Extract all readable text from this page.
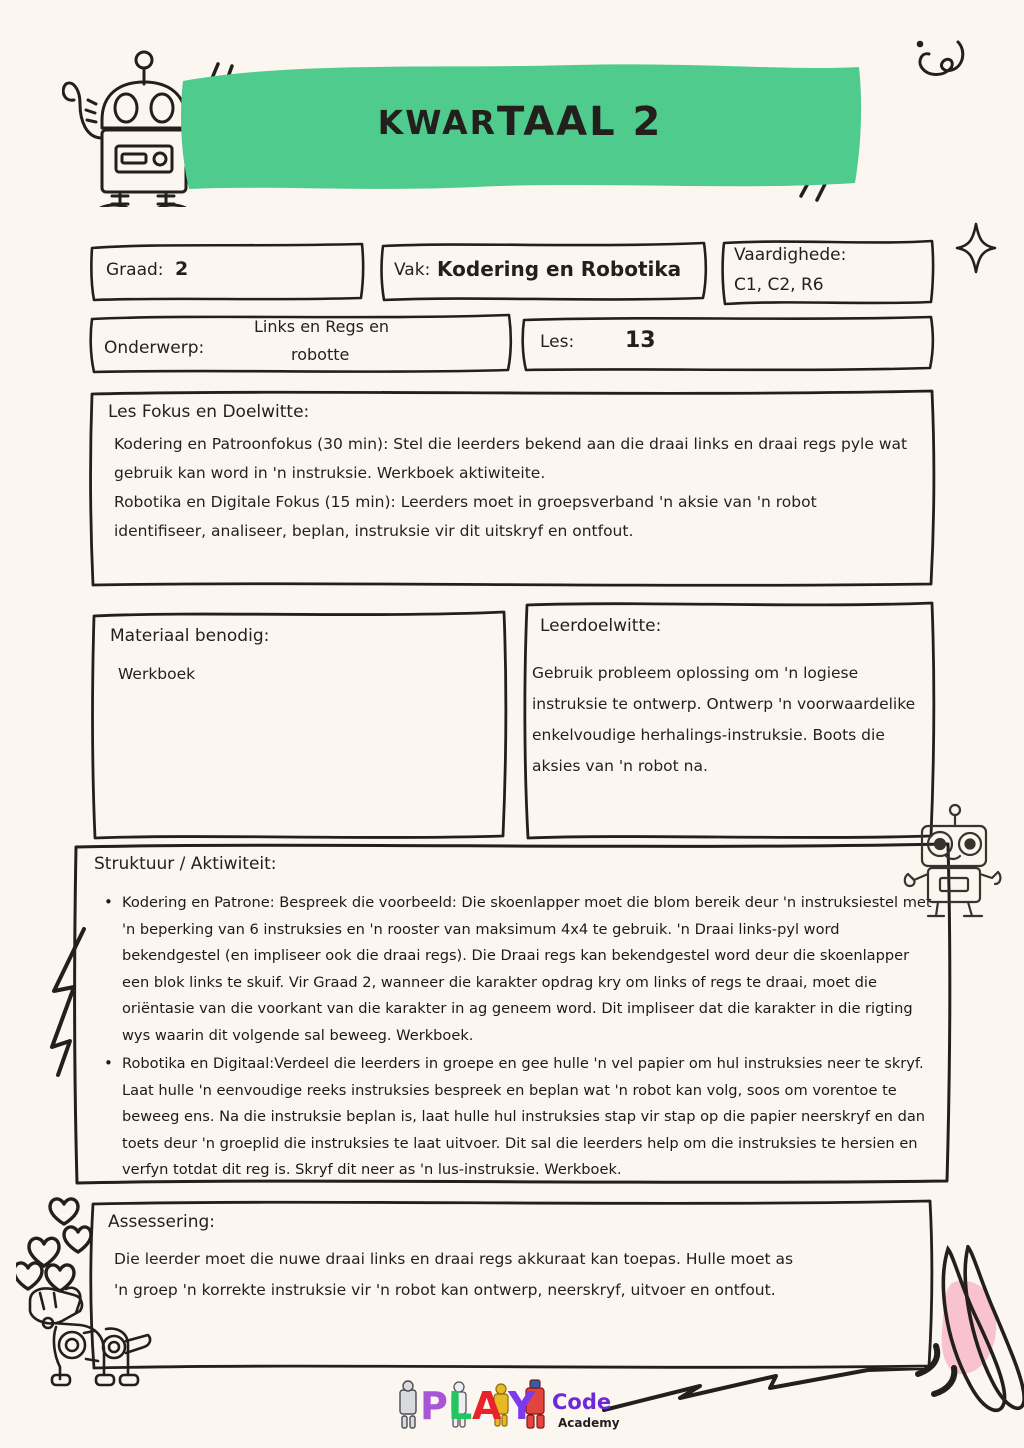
KWAR TAAL 2
Graad: 2	Vak: Kodering en Robotika
Vaardighede:
C1, C2, R6
Onderwerp:
Links en Regs en
robotte
Les: 13
Les Fokus en Doelwitte:

Kodering en Patroonfokus (30 min): Stel die leerders bekend aan die draai links en draai regs pyle wat gebruik kan word in 'n instruksie. Werkboek aktiwiteite.

Robotika en Digitale Fokus (15 min): Leerders moet in groepsverband 'n aksie van 'n robot identifiseer, analiseer, beplan, instruksie vir dit uitskryf en ontfout.

Materiaal benodig:

Werkboek

Leerdoelwitte:
Gebruik probleem oplossing om 'n logiese instruksie te ontwerp. Ontwerp 'n voorwaardelike enkelvoudige herhalings-instruksie. Boots die aksies van 'n robot na.
Struktuur / Aktiwiteit:
• Kodering en Patrone: Bespreek die voorbeeld: Die skoenlapper moet die blom bereik deur 'n instruksiestel met 'n beperking van 6 instruksies en 'n rooster van maksimum 4x4 te gebruik. 'n Draai links-pyl word bekendgestel (en impliseer ook die draai regs). Die Draai regs kan bekendgestel word deur die skoenlapper een blok links te skuif. Vir Graad 2, wanneer die karakter opdrag kry om links of regs te draai, moet die oriëntasie van die voorkant van die karakter in ag geneem word. Dit impliseer dat die karakter in die rigting wys waarin dit volgende sal beweeg. Werkboek.
• Robotika en Digitaal:Verdeel die leerders in groepe en gee hulle 'n vel papier om hul instruksies neer te skryf. Laat hulle 'n eenvoudige reeks instruksies bespreek en beplan wat 'n robot kan volg, soos om vorentoe te beweeg ens. Na die instruksie beplan is, laat hulle hul instruksies stap vir stap op die papier neerskryf en dan toets deur 'n groeplid die instruksies te laat uitvoer. Dit sal die leerders help om die instruksies te hersien en verfyn totdat dit reg is. Skryf dit neer as 'n lus-instruksie. Werkboek.
Assessering:
Die leerder moet die nuwe draai links en draai regs akkuraat kan toepas. Hulle moet as 'n groep 'n korrekte instruksie vir 'n robot kan ontwerp, neerskryf, uitvoer en ontfout.
P L A Y Code
Academy
